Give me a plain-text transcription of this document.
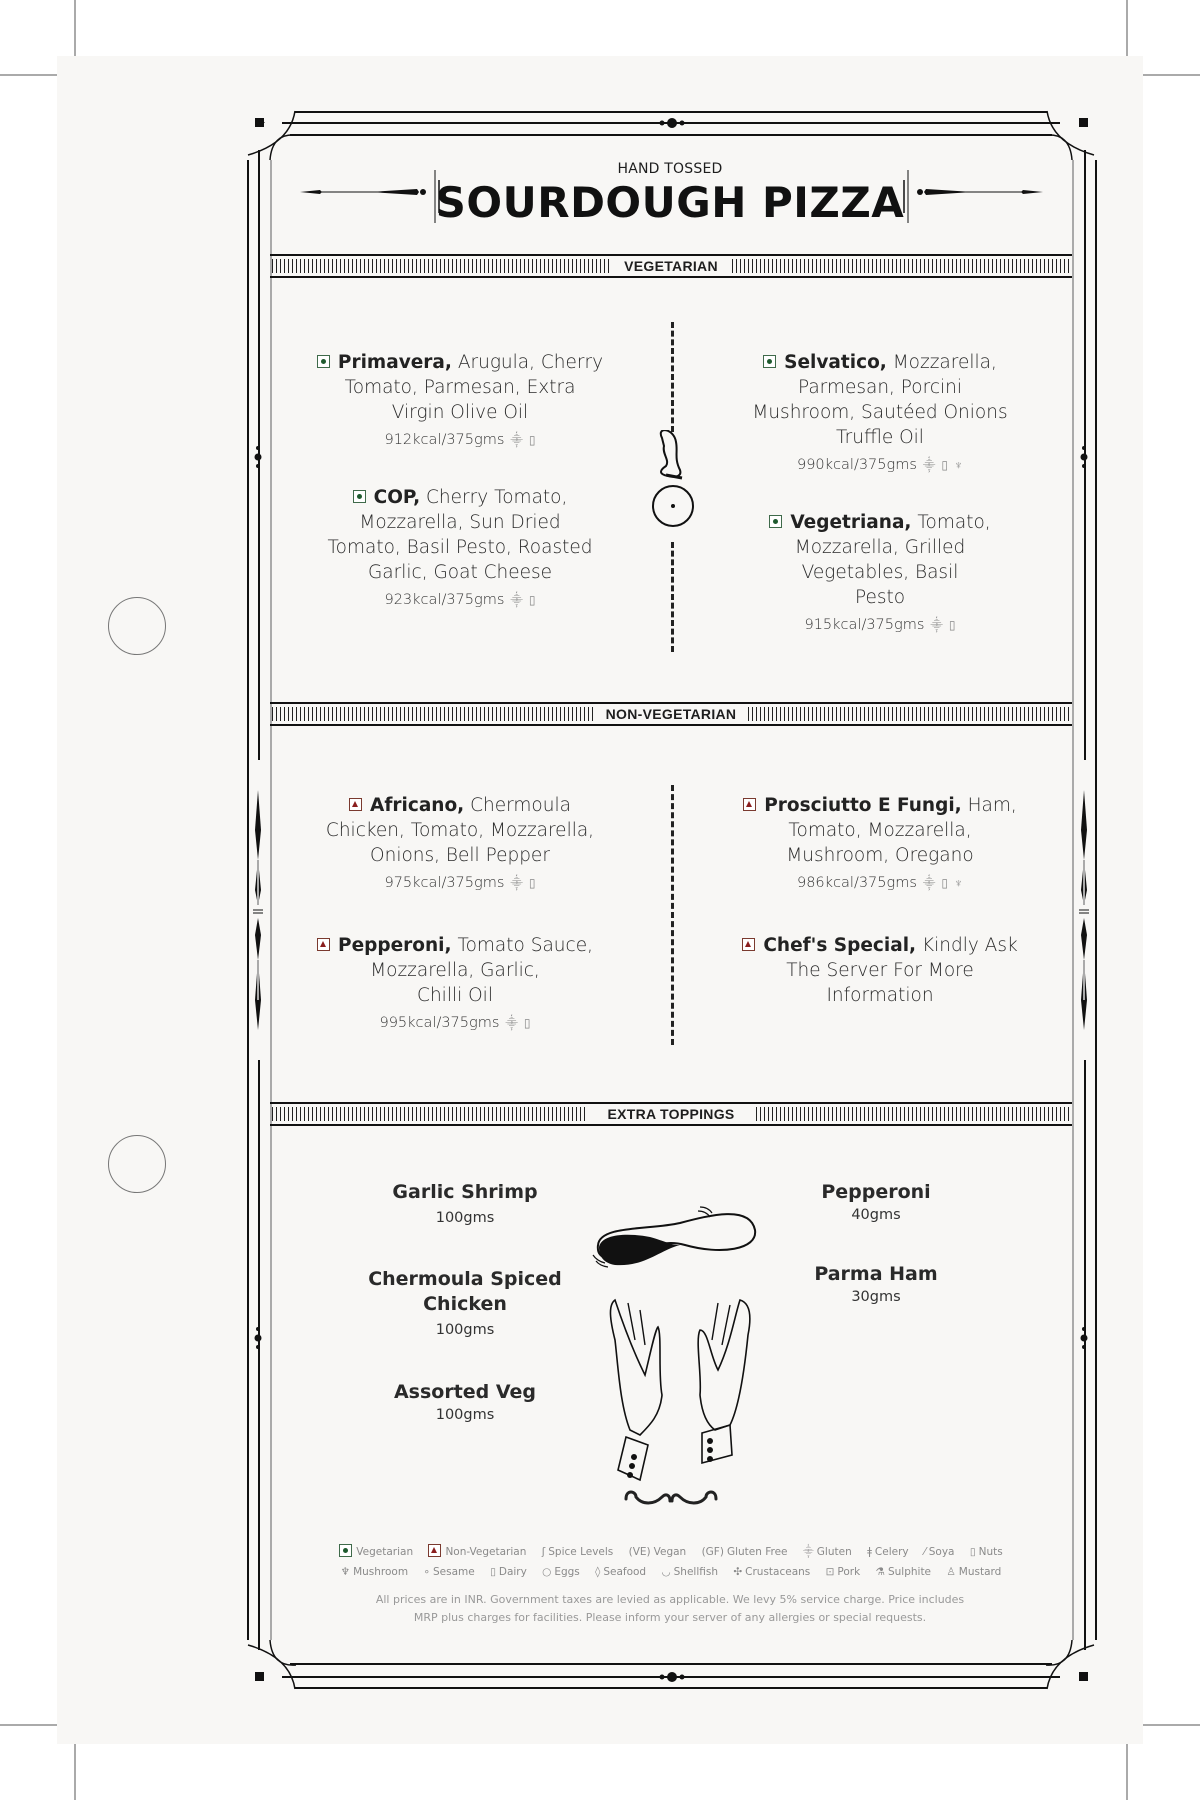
HAND TOSSED
SOURDOUGH PIZZA
VEGETARIAN
Primavera, Arugula, Cherry
Tomato, Parmesan, Extra
Virgin Olive Oil
912kcal/375gms ⸎ ▯
COP, Cherry Tomato,
Mozzarella, Sun Dried
Tomato, Basil Pesto, Roasted
Garlic, Goat Cheese
923kcal/375gms ⸎ ▯
Selvatico, Mozzarella,
Parmesan, Porcini
Mushroom, Sautéed Onions
Truffle Oil
990kcal/375gms ⸎ ▯ ♆
Vegetriana, Tomato,
Mozzarella, Grilled
Vegetables, Basil
Pesto
915kcal/375gms ⸎ ▯
NON-VEGETARIAN
Africano, Chermoula
Chicken, Tomato, Mozzarella,
Onions, Bell Pepper
975kcal/375gms ⸎ ▯
Pepperoni, Tomato Sauce,
Mozzarella, Garlic,
Chilli Oil
995kcal/375gms ⸎ ▯
Prosciutto E Fungi, Ham,
Tomato, Mozzarella,
Mushroom, Oregano
986kcal/375gms ⸎ ▯ ♆
Chef's Special, Kindly Ask
The Server For More
Information
EXTRA TOPPINGS
Garlic Shrimp
100gms
Chermoula Spiced
Chicken
100gms
Assorted Veg
100gms
Pepperoni
40gms
Parma Ham
30gms
Vegetarian	Non-Vegetarian ʃ Spice Levels (VE) Vegan (GF) Gluten Free ⸎ Gluten ǂ Celery ⁄ Soya ▯ Nuts
♆ Mushroom ∘ Sesame ▯ Dairy ○ Eggs ◊ Seafood ◡ Shellfish ✣ Crustaceans ⊡ Pork ⚗ Sulphite ♙ Mustard
All prices are in INR. Government taxes are levied as applicable. We levy 5% service charge. Price includes
MRP plus charges for facilities. Please inform your server of any allergies or special requests.
